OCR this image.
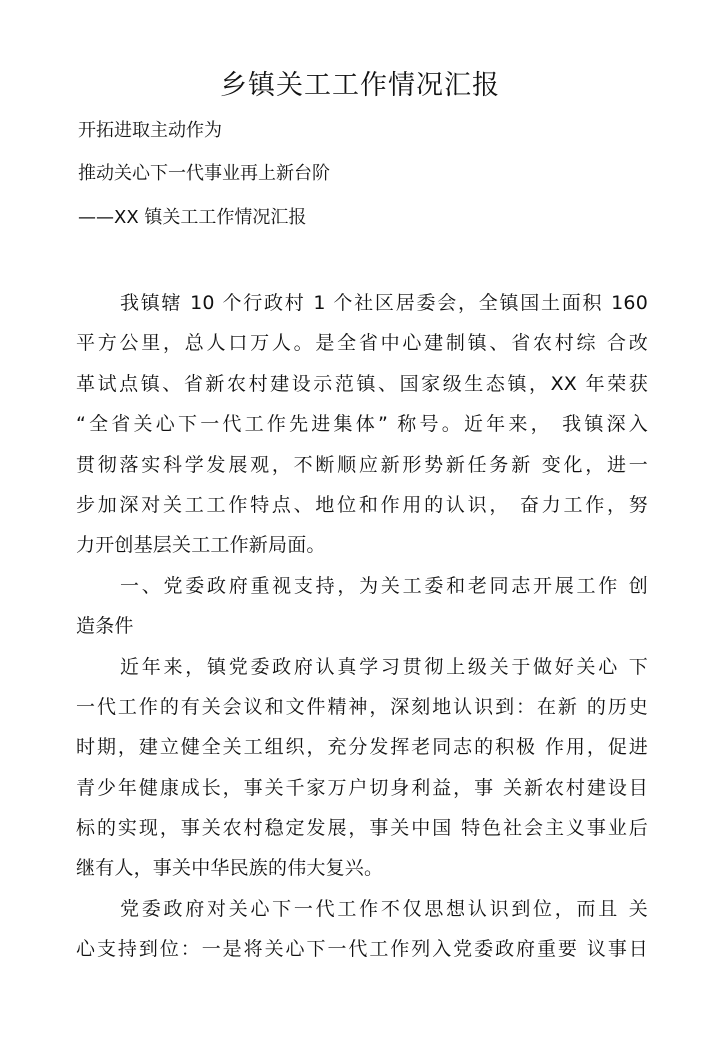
乡镇关工工作情况汇报

开拓进取主动作为

推动关心下一代事业再上新台阶

——XX 镇关工工作情况汇报

我镇辖 10 个行政村 1 个社区居委会，全镇国土面积 160
平方公里，总人口万人。是全省中心建制镇、省农村综 合改
革试点镇、省新农村建设示范镇、国家级生态镇，XX 年荣获
“全省关心下一代工作先进集体” 称号。近年来， 我镇深入
贯彻落实科学发展观，不断顺应新形势新任务新 变化，进一
步加深对关工工作特点、地位和作用的认识， 奋力工作，努
力开创基层关工工作新局面。
一、党委政府重视支持，为关工委和老同志开展工作 创
造条件
近年来，镇党委政府认真学习贯彻上级关于做好关心 下
一代工作的有关会议和文件精神，深刻地认识到：在新 的历史
时期，建立健全关工组织，充分发挥老同志的积极 作用，促进
青少年健康成长，事关千家万户切身利益，事 关新农村建设目
标的实现，事关农村稳定发展，事关中国 特色社会主义事业后
继有人，事关中华民族的伟大复兴。
党委政府对关心下一代工作不仅思想认识到位，而且 关
心支持到位：一是将关心下一代工作列入党委政府重要 议事日
